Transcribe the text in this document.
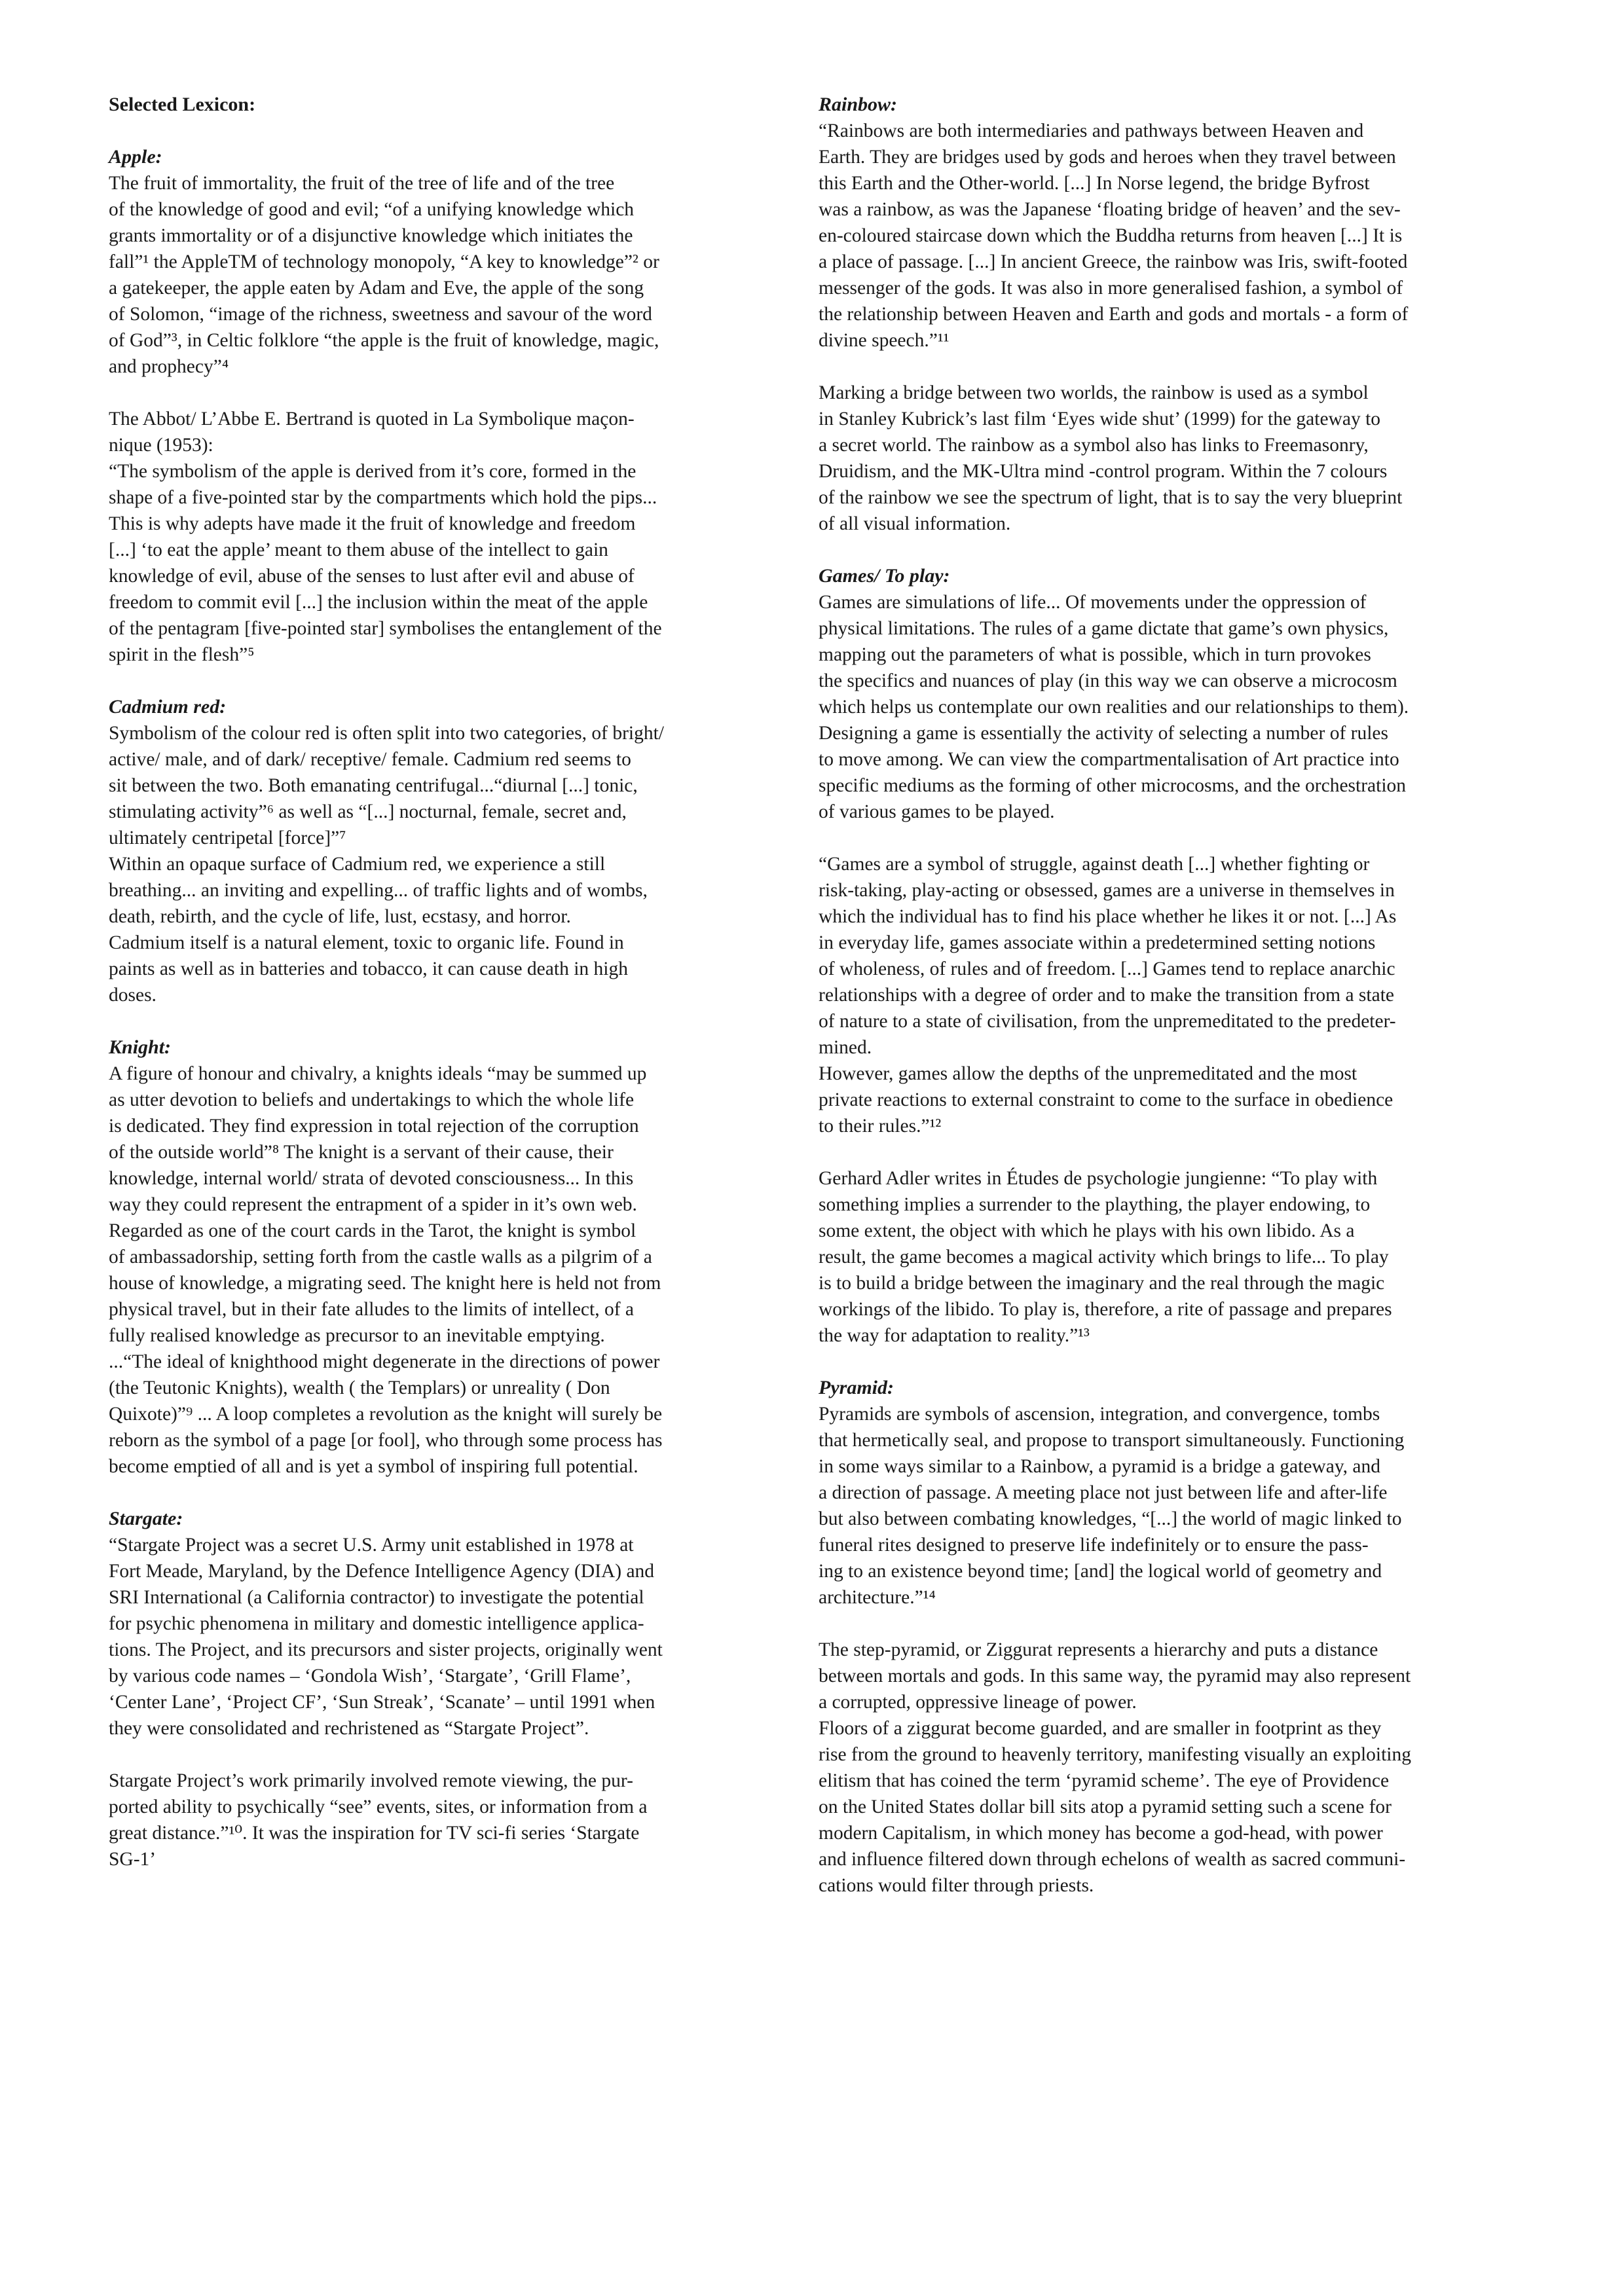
Selected Lexicon:

Apple:

The fruit of immortality, the fruit of the tree of life and of the tree
of the knowledge of good and evil; “of a unifying knowledge which
grants immortality or of a disjunctive knowledge which initiates the
fall”¹ the AppleTM of technology monopoly, “A key to knowledge”² or
a gatekeeper, the apple eaten by Adam and Eve, the apple of the song
of Solomon, “image of the richness, sweetness and savour of the word
of God”³, in Celtic folklore “the apple is the fruit of knowledge, magic,
and prophecy”⁴

The Abbot/ L’Abbe E. Bertrand is quoted in La Symbolique maçon-
nique (1953):
“The symbolism of the apple is derived from it’s core, formed in the
shape of a five-pointed star by the compartments which hold the pips...
This is why adepts have made it the fruit of knowledge and freedom
[...] ‘to eat the apple’ meant to them abuse of the intellect to gain
knowledge of evil, abuse of the senses to lust after evil and abuse of
freedom to commit evil [...] the inclusion within the meat of the apple
of the pentagram [five-pointed star] symbolises the entanglement of the
spirit in the flesh”⁵

Cadmium red:

Symbolism of the colour red is often split into two categories, of bright/
active/ male, and of dark/ receptive/ female. Cadmium red seems to
sit between the two. Both emanating centrifugal...“diurnal [...] tonic,
stimulating activity”⁶ as well as “[...] nocturnal, female, secret and,
ultimately centripetal [force]”⁷
Within an opaque surface of Cadmium red, we experience a still
breathing... an inviting and expelling... of traffic lights and of wombs,
death, rebirth, and the cycle of life, lust, ecstasy, and horror.
Cadmium itself is a natural element, toxic to organic life. Found in
paints as well as in batteries and tobacco, it can cause death in high
doses.

Knight:

A figure of honour and chivalry, a knights ideals “may be summed up
as utter devotion to beliefs and undertakings to which the whole life
is dedicated. They find expression in total rejection of the corruption
of the outside world”⁸ The knight is a servant of their cause, their
knowledge, internal world/ strata of devoted consciousness... In this
way they could represent the entrapment of a spider in it’s own web.
Regarded as one of the court cards in the Tarot, the knight is symbol
of ambassadorship, setting forth from the castle walls as a pilgrim of a
house of knowledge, a migrating seed. The knight here is held not from
physical travel, but in their fate alludes to the limits of intellect, of a
fully realised knowledge as precursor to an inevitable emptying.
...“The ideal of knighthood might degenerate in the directions of power
(the Teutonic Knights), wealth ( the Templars) or unreality ( Don
Quixote)”⁹ ... A loop completes a revolution as the knight will surely be
reborn as the symbol of a page [or fool], who through some process has
become emptied of all and is yet a symbol of inspiring full potential.

Stargate:

“Stargate Project was a secret U.S. Army unit established in 1978 at
Fort Meade, Maryland, by the Defence Intelligence Agency (DIA) and
SRI International (a California contractor) to investigate the potential
for psychic phenomena in military and domestic intelligence applica-
tions. The Project, and its precursors and sister projects, originally went
by various code names – ‘Gondola Wish’, ‘Stargate’, ‘Grill Flame’,
‘Center Lane’, ‘Project CF’, ‘Sun Streak’, ‘Scanate’ – until 1991 when
they were consolidated and rechristened as “Stargate Project”.

Stargate Project’s work primarily involved remote viewing, the pur-
ported ability to psychically “see” events, sites, or information from a
great distance.”¹⁰. It was the inspiration for TV sci-fi series ‘Stargate
SG-1’

Rainbow:

“Rainbows are both intermediaries and pathways between Heaven and
Earth. They are bridges used by gods and heroes when they travel between
this Earth and the Other-world. [...] In Norse legend, the bridge Byfrost
was a rainbow, as was the Japanese ‘floating bridge of heaven’ and the sev-
en-coloured staircase down which the Buddha returns from heaven [...] It is
a place of passage. [...] In ancient Greece, the rainbow was Iris, swift-footed
messenger of the gods. It was also in more generalised fashion, a symbol of
the relationship between Heaven and Earth and gods and mortals - a form of
divine speech.”¹¹

Marking a bridge between two worlds, the rainbow is used as a symbol
in Stanley Kubrick’s last film ‘Eyes wide shut’ (1999) for the gateway to
a secret world. The rainbow as a symbol also has links to Freemasonry,
Druidism, and the MK-Ultra mind -control program. Within the 7 colours
of the rainbow we see the spectrum of light, that is to say the very blueprint
of all visual information.

Games/ To play:

Games are simulations of life... Of movements under the oppression of
physical limitations. The rules of a game dictate that game’s own physics,
mapping out the parameters of what is possible, which in turn provokes
the specifics and nuances of play (in this way we can observe a microcosm
which helps us contemplate our own realities and our relationships to them).
Designing a game is essentially the activity of selecting a number of rules
to move among. We can view the compartmentalisation of Art practice into
specific mediums as the forming of other microcosms, and the orchestration
of various games to be played.

“Games are a symbol of struggle, against death [...] whether fighting or
risk-taking, play-acting or obsessed, games are a universe in themselves in
which the individual has to find his place whether he likes it or not. [...] As
in everyday life, games associate within a predetermined setting notions
of wholeness, of rules and of freedom. [...] Games tend to replace anarchic
relationships with a degree of order and to make the transition from a state
of nature to a state of civilisation, from the unpremeditated to the predeter-
mined.
However, games allow the depths of the unpremeditated and the most
private reactions to external constraint to come to the surface in obedience
to their rules.”¹²

Gerhard Adler writes in Études de psychologie jungienne: “To play with
something implies a surrender to the plaything, the player endowing, to
some extent, the object with which he plays with his own libido. As a
result, the game becomes a magical activity which brings to life... To play
is to build a bridge between the imaginary and the real through the magic
workings of the libido. To play is, therefore, a rite of passage and prepares
the way for adaptation to reality.”¹³

Pyramid:

Pyramids are symbols of ascension, integration, and convergence, tombs
that hermetically seal, and propose to transport simultaneously. Functioning
in some ways similar to a Rainbow, a pyramid is a bridge a gateway, and
a direction of passage. A meeting place not just between life and after-life
but also between combating knowledges, “[...] the world of magic linked to
funeral rites designed to preserve life indefinitely or to ensure the pass-
ing to an existence beyond time; [and] the logical world of geometry and
architecture.”¹⁴

The step-pyramid, or Ziggurat represents a hierarchy and puts a distance
between mortals and gods. In this same way, the pyramid may also represent
a corrupted, oppressive lineage of power.
Floors of a ziggurat become guarded, and are smaller in footprint as they
rise from the ground to heavenly territory, manifesting visually an exploiting
elitism that has coined the term ‘pyramid scheme’. The eye of Providence
on the United States dollar bill sits atop a pyramid setting such a scene for
modern Capitalism, in which money has become a god-head, with power
and influence filtered down through echelons of wealth as sacred communi-
cations would filter through priests.
